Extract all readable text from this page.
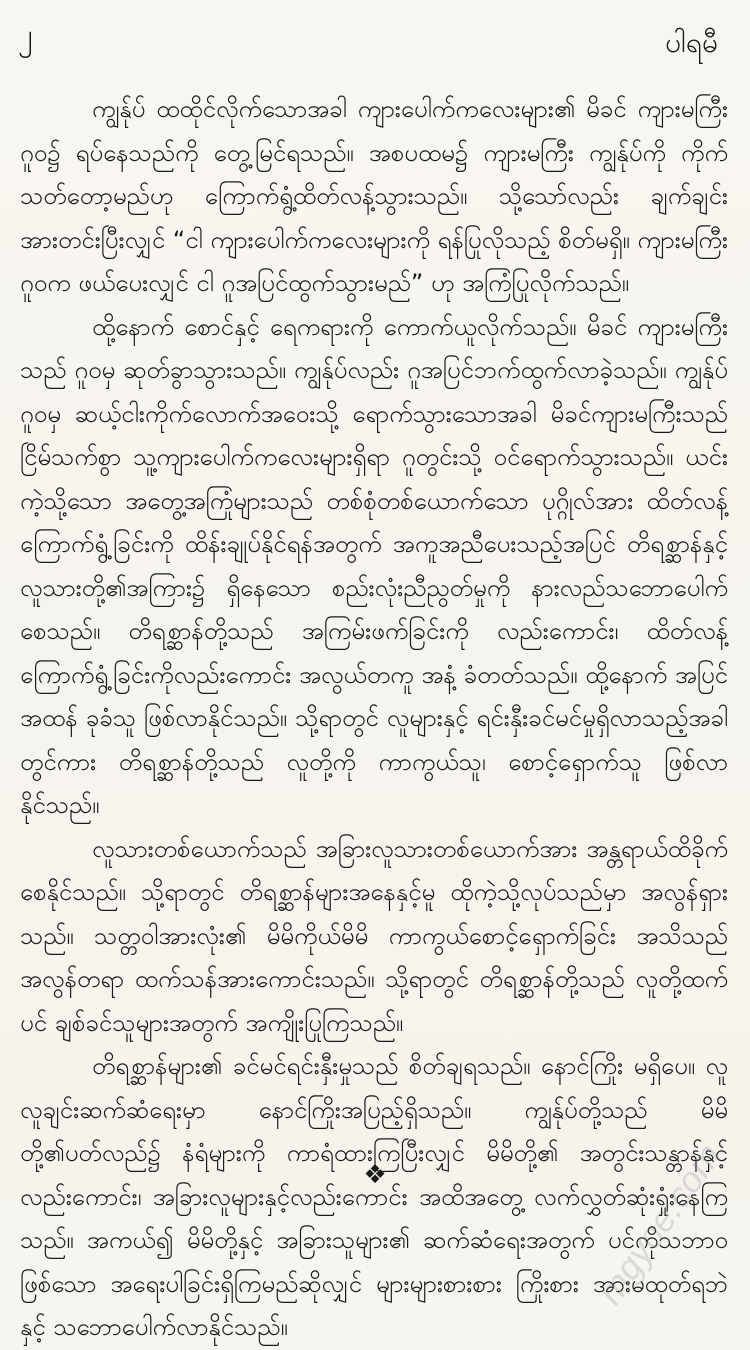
၂	ပါရမီ

ကျွန်ုပ် ထထိုင်လိုက်သောအခါ ကျားပေါက်ကလေးများ၏ မိခင် ကျားမကြီး ဂူဝ၌ ရပ်နေသည်ကို တွေ့မြင်ရသည်။ အစပထမ၌ ကျားမကြီး ကျွန်ုပ်ကို ကိုက်သတ်တော့မည်ဟု ကြောက်ရွံ့ထိတ်လန့်သွားသည်။ သို့သော်လည်း ချက်ချင်း အားတင်းပြီးလျှင် “ငါ ကျားပေါက်ကလေးများကို ရန်ပြုလိုသည့် စိတ်မရှိ။ ကျားမကြီး ဂူဝက ဖယ်ပေးလျှင် ငါ ဂူအပြင်ထွက်သွားမည်” ဟု အကြံပြုလိုက်သည်။

ထို့နောက် စောင်နှင့် ရေကရားကို ကောက်ယူလိုက်သည်။ မိခင် ကျားမကြီးသည် ဂူဝမှ ဆုတ်ခွာသွားသည်။ ကျွန်ုပ်လည်း ဂူအပြင်ဘက်ထွက်လာခဲ့သည်။ ကျွန်ုပ် ဂူဝမှ ဆယ့်ငါးကိုက်လောက်အဝေးသို့ ရောက်သွားသောအခါ မိခင်ကျားမကြီးသည် ငြိမ်သက်စွာ သူ့ကျားပေါက်ကလေးများရှိရာ ဂူတွင်းသို့ ဝင်ရောက်သွားသည်။ ယင်းကဲ့သို့သော အတွေ့အကြုံများသည် တစ်စုံတစ်ယောက်သော ပုဂ္ဂိုလ်အား ထိတ်လန့်ကြောက်ရွံ့ခြင်းကို ထိန်းချုပ်နိုင်ရန်အတွက် အကူအညီပေးသည့်အပြင် တိရစ္ဆာန်နှင့် လူသားတို့၏အကြား၌ ရှိနေသော စည်းလုံးညီညွတ်မှုကို နားလည်သဘောပေါက်စေသည်။ တိရစ္ဆာန်တို့သည် အကြမ်းဖက်ခြင်းကို လည်းကောင်း၊ ထိတ်လန့်ကြောက်ရွံ့ခြင်းကိုလည်းကောင်း အလွယ်တကူ အနံ့ ခံတတ်သည်။ ထို့နောက် အပြင်အထန် ခုခံသူ ဖြစ်လာနိုင်သည်။ သို့ရာတွင် လူများနှင့် ရင်းနှီးခင်မင်မှုရှိလာသည့်အခါတွင်ကား တိရစ္ဆာန်တို့သည် လူတို့ကို ကာကွယ်သူ၊ စောင့်ရှောက်သူ ဖြစ်လာနိုင်သည်။

လူသားတစ်ယောက်သည် အခြားလူသားတစ်ယောက်အား အန္တရာယ်ထိခိုက်စေနိုင်သည်။ သို့ရာတွင် တိရစ္ဆာန်များအနေနှင့်မူ ထိုကဲ့သို့လုပ်သည်မှာ အလွန်ရှားသည်။ သတ္တဝါအားလုံး၏ မိမိကိုယ်မိမိ ကာကွယ်စောင့်ရှောက်ခြင်း အသိသည် အလွန်တရာ ထက်သန်အားကောင်းသည်။ သို့ရာတွင် တိရစ္ဆာန်တို့သည် လူတို့ထက် ပင် ချစ်ခင်သူများအတွက် အကျိုးပြုကြသည်။

တိရစ္ဆာန်များ၏ ခင်မင်ရင်းနှီးမှုသည် စိတ်ချရသည်။ နောင်ကြိုး မရှိပေ။ လူလူချင်းဆက်ဆံရေးမှာ နောင်ကြိုးအပြည့်ရှိသည်။ ကျွန်ုပ်တို့သည် မိမိတို့၏ပတ်လည်၌ နံရံများကို ကာရံထားကြပြီးလျှင် မိမိတို့၏ အတွင်းသန္တာန်နှင့်လည်းကောင်း၊ အခြားလူများနှင့်လည်းကောင်း အထိအတွေ့ လက်လွှတ်ဆုံးရှုံးနေကြသည်။ အကယ်၍ မိမိတို့နှင့် အခြားသူများ၏ ဆက်ဆံရေးအတွက် ပင်ကိုသဘာဝဖြစ်သော အရေးပါခြင်းရှိကြမည်ဆိုလျှင် များများစားစား ကြိုးစား အားမထုတ်ရဘဲနှင့် သဘောပေါက်လာနိုင်သည်။

❖	mgyoe.com
